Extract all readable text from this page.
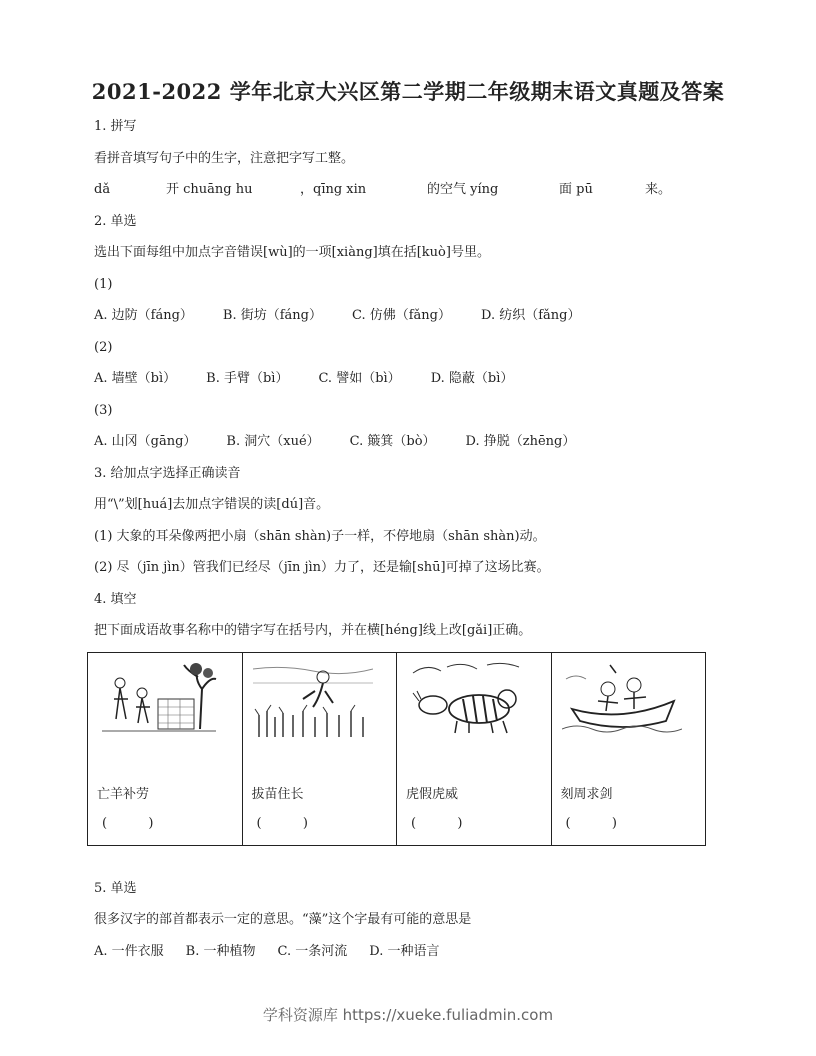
2021-2022 学年北京大兴区第二学期二年级期末语文真题及答案
1. 拼写
看拼音填写句子中的生字，注意把字写工整。
dǎ	开 chuāng hu	，qīng xin	的空气 yíng	面 pū	来。
2. 单选
选出下面每组中加点字音错误[wù]的一项[xiàng]填在括[kuò]号里。
(1)
A. 边防（fáng） B. 街坊（fáng） C. 仿佛（fǎng） D. 纺织（fǎng）
(2)
A. 墙壁（bì） B. 手臂（bì） C. 譬如（bì） D. 隐蔽（bì）
(3)
A. 山冈（gāng） B. 洞穴（xué） C. 簸箕（bò） D. 挣脱（zhēng）
3. 给加点字选择正确读音
用“\”划[huá]去加点字错误的读[dú]音。
(1) 大象的耳朵像两把小扇（shān shàn)子一样，不停地扇（shān shàn)动。
(2) 尽（jīn jìn）管我们已经尽（jīn jìn）力了，还是输[shū]可掉了这场比赛。
4. 填空
把下面成语故事名称中的错字写在括号内，并在横[héng]线上改[gǎi]正确。
亡羊补劳
(          )

拔苗住长
(          )

虎假虎威
(          )

刻周求剑
(          )
5. 单选
很多汉字的部首都表示一定的意思。“藻”这个字最有可能的意思是
A. 一件衣服 B. 一种植物 C. 一条河流 D. 一种语言
学科资源库 https://xueke.fuliadmin.com
